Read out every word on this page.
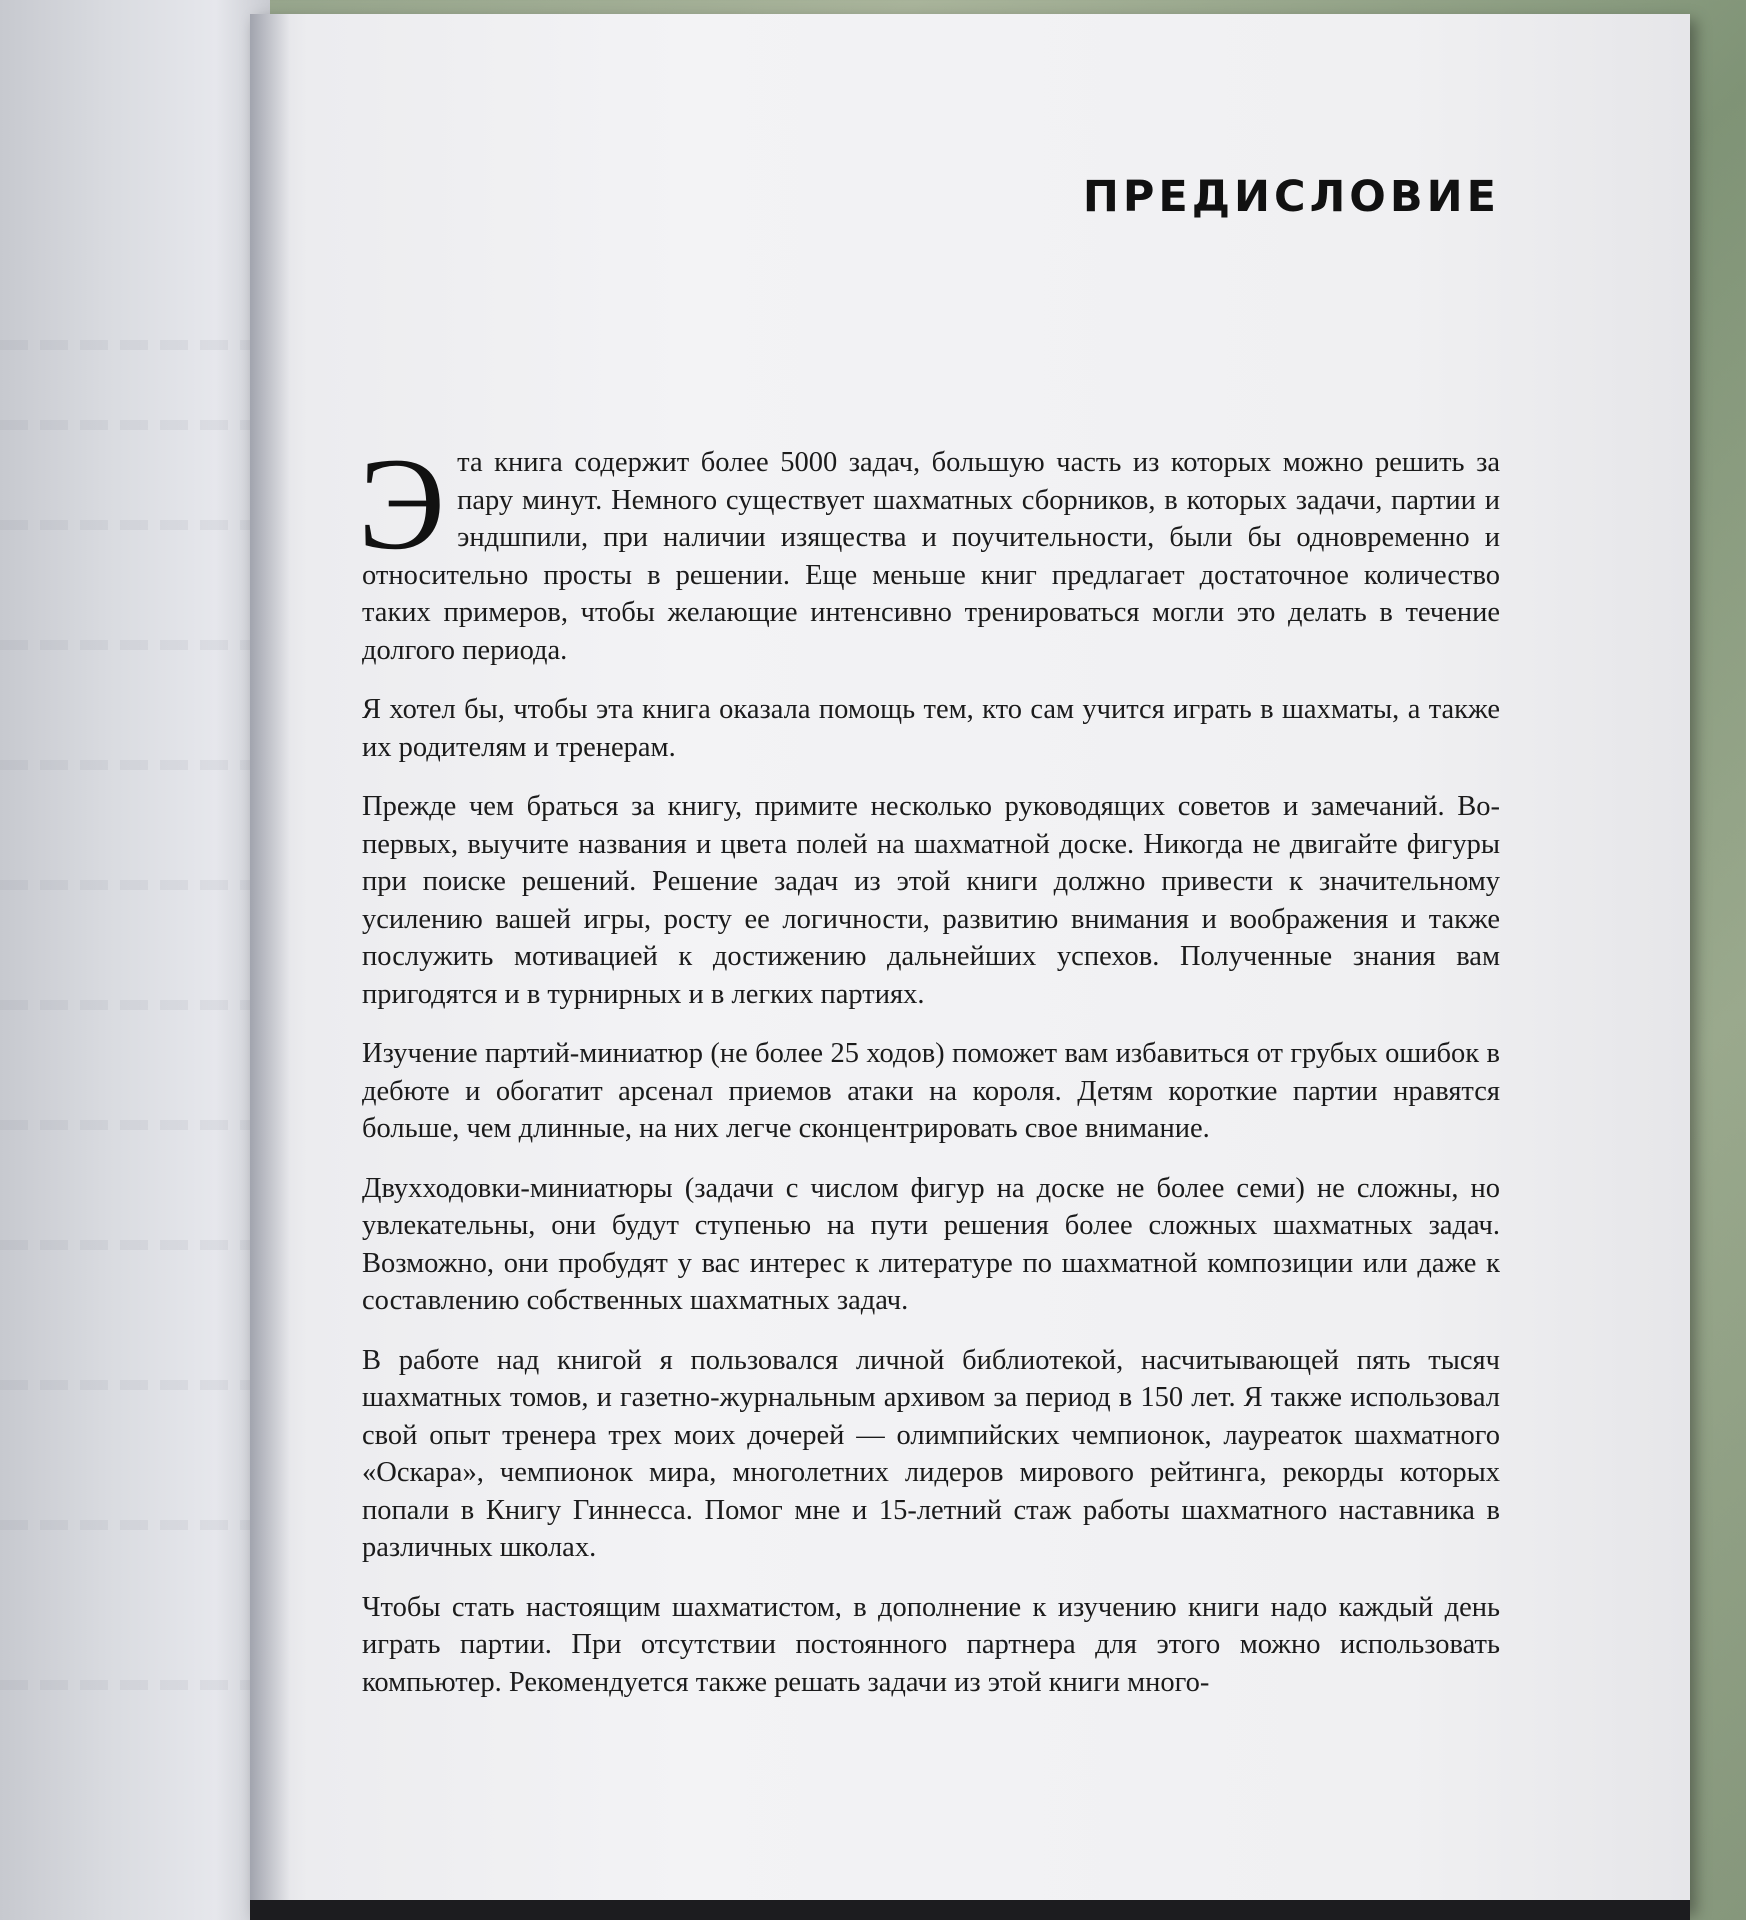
ПРЕДИСЛОВИЕ

Эта книга содержит более 5000 задач, большую часть из которых можно решить за пару минут. Немного существует шахматных сборников, в которых задачи, партии и эндшпили, при наличии изящества и поучительности, были бы одновременно и относительно просты в решении. Еще меньше книг предлагает достаточное количество таких примеров, чтобы желающие интенсивно тренироваться могли это делать в течение долгого периода.

Я хотел бы, чтобы эта книга оказала помощь тем, кто сам учится играть в шахматы, а также их родителям и тренерам.

Прежде чем браться за книгу, примите несколько руководящих советов и замечаний. Во-первых, выучите названия и цвета полей на шахматной доске. Никогда не двигайте фигуры при поиске решений. Решение задач из этой книги должно привести к значительному усилению вашей игры, росту ее логичности, развитию внимания и воображения и также послужить мотивацией к достижению дальнейших успехов. Полученные знания вам пригодятся и в турнирных и в легких партиях.

Изучение партий-миниатюр (не более 25 ходов) поможет вам избавиться от грубых ошибок в дебюте и обогатит арсенал приемов атаки на короля. Детям короткие партии нравятся больше, чем длинные, на них легче сконцентрировать свое внимание.

Двухходовки-миниатюры (задачи с числом фигур на доске не более семи) не сложны, но увлекательны, они будут ступенью на пути решения более сложных шахматных задач. Возможно, они пробудят у вас интерес к литературе по шахматной композиции или даже к составлению собственных шахматных задач.

В работе над книгой я пользовался личной библиотекой, насчитывающей пять тысяч шахматных томов, и газетно-журнальным архивом за период в 150 лет. Я также использовал свой опыт тренера трех моих дочерей — олимпийских чемпионок, лауреаток шахматного «Оскара», чемпионок мира, многолетних лидеров мирового рейтинга, рекорды которых попали в Книгу Гиннесса. Помог мне и 15-летний стаж работы шахматного наставника в различных школах.

Чтобы стать настоящим шахматистом, в дополнение к изучению книги надо каждый день играть партии. При отсутствии постоянного партнера для этого можно использовать компьютер. Рекомендуется также решать задачи из этой книги много-
